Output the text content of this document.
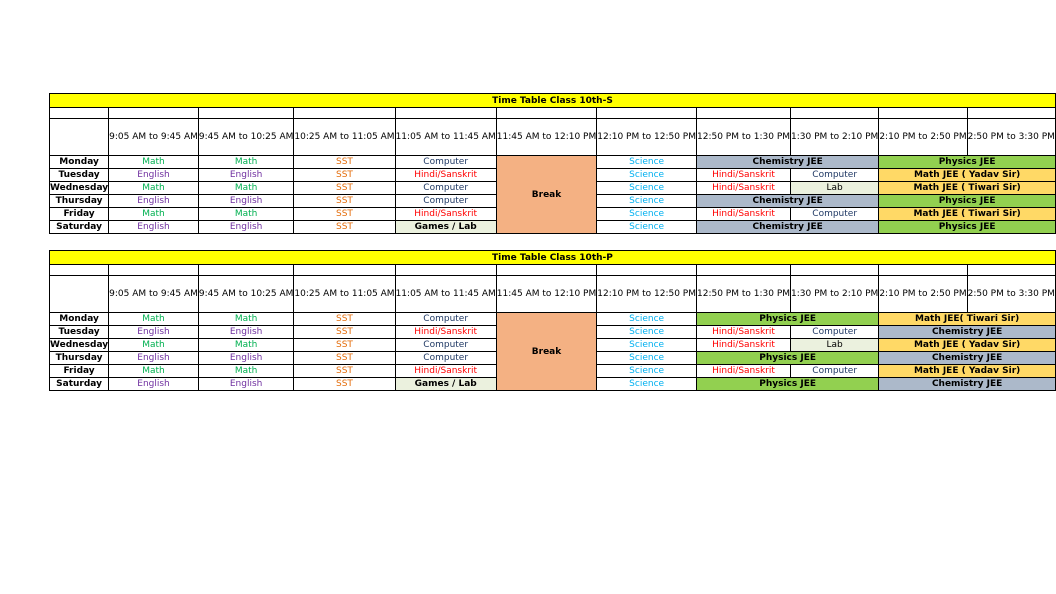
Time Table Class 10th-S										

	9:05 AM to 9:45 AM	9:45 AM to 10:25 AM	10:25 AM to 11:05 AM	11:05 AM to 11:45 AM	11:45 AM to 12:10 PM	12:10 PM to 12:50 PM	12:50 PM to 1:30 PM	1:30 PM to 2:10 PM	2:10 PM to 2:50 PM	2:50 PM to 3:30 PM
Monday	Math	Math	SST	Computer	Break	Science	Chemistry JEE		Physics JEE	
Tuesday	English	English	SST	Hindi/Sanskrit		Science	Hindi/Sanskrit	Computer	Math JEE ( Yadav Sir)	
Wednesday	Math	Math	SST	Computer		Science	Hindi/Sanskrit	Lab	Math JEE ( Tiwari Sir)	
Thursday	English	English	SST	Computer		Science	Chemistry JEE		Physics JEE	
Friday	Math	Math	SST	Hindi/Sanskrit		Science	Hindi/Sanskrit	Computer	Math JEE ( Tiwari Sir)	
Saturday	English	English	SST	Games / Lab		Science	Chemistry JEE		Physics JEE	
Time Table Class 10th-P										

	9:05 AM to 9:45 AM	9:45 AM to 10:25 AM	10:25 AM to 11:05 AM	11:05 AM to 11:45 AM	11:45 AM to 12:10 PM	12:10 PM to 12:50 PM	12:50 PM to 1:30 PM	1:30 PM to 2:10 PM	2:10 PM to 2:50 PM	2:50 PM to 3:30 PM
Monday	Math	Math	SST	Computer	Break	Science	Physics JEE		Math JEE( Tiwari Sir)	
Tuesday	English	English	SST	Hindi/Sanskrit		Science	Hindi/Sanskrit	Computer	Chemistry JEE	
Wednesday	Math	Math	SST	Computer		Science	Hindi/Sanskrit	Lab	Math JEE ( Yadav Sir)	
Thursday	English	English	SST	Computer		Science	Physics JEE		Chemistry JEE	
Friday	Math	Math	SST	Hindi/Sanskrit		Science	Hindi/Sanskrit	Computer	Math JEE ( Yadav Sir)	
Saturday	English	English	SST	Games / Lab		Science	Physics JEE		Chemistry JEE	
